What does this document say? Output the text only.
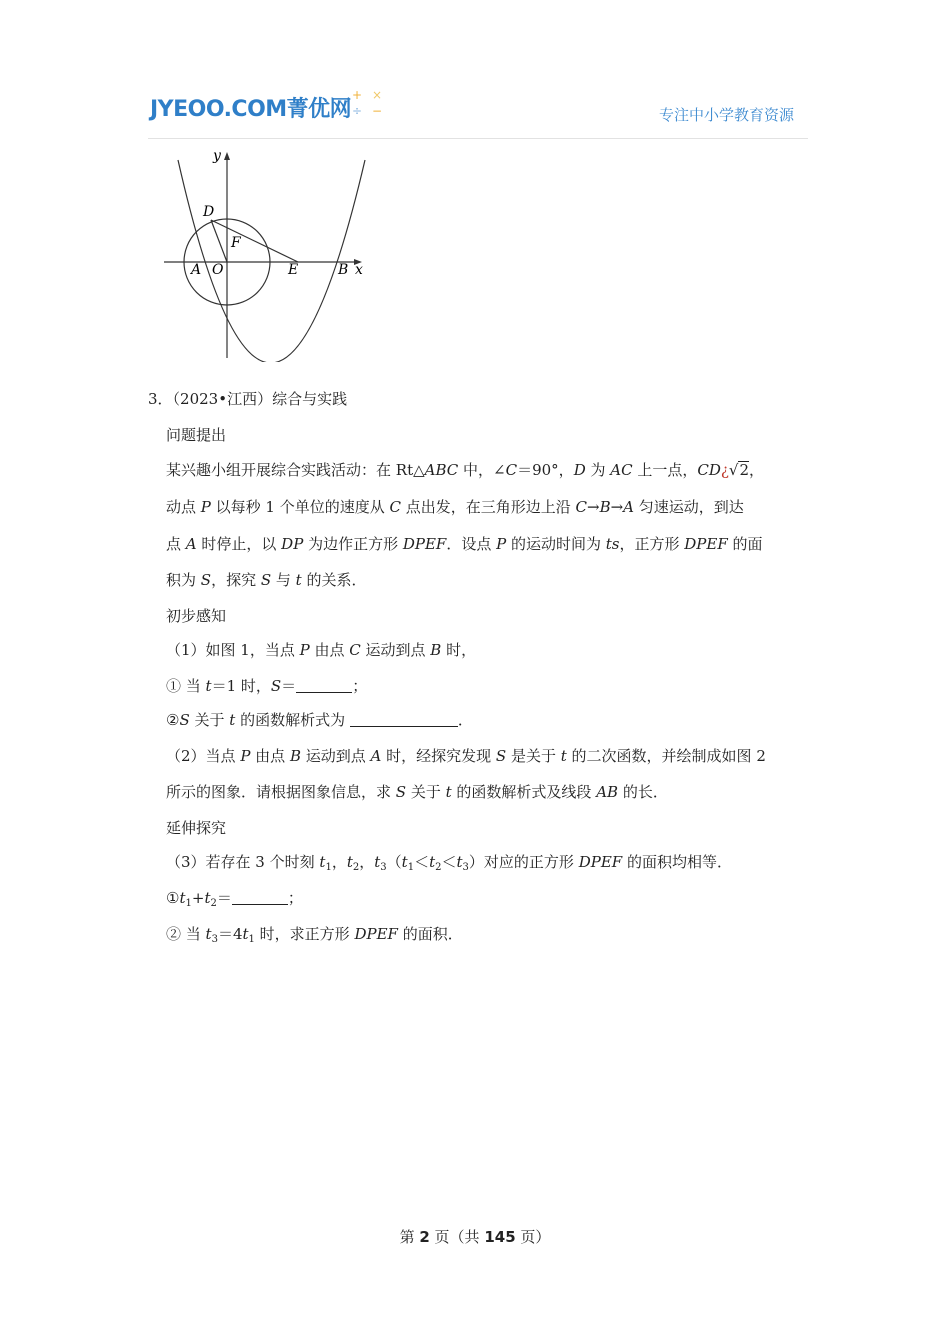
JYEOO.COM菁优网
+ ×
÷ −	专注中小学教育资源
y
x
D
F
A O	E	B
3．（2023•江西）综合与实践
问题提出
某兴趣小组开展综合实践活动：在 Rt△ABC 中，∠C＝90°，D 为 AC 上一点，CD¿√2，
动点 P 以每秒 1 个单位的速度从 C 点出发，在三角形边上沿 C→B→A 匀速运动，到达
点 A 时停止，以 DP 为边作正方形 DPEF．设点 P 的运动时间为 ts，正方形 DPEF 的面
积为 S，探究 S 与 t 的关系．
初步感知
（1）如图 1，当点 P 由点 C 运动到点 B 时，
① 当 t＝1 时，S＝	；
②S 关于 t 的函数解析式为	．
（2）当点 P 由点 B 运动到点 A 时，经探究发现 S 是关于 t 的二次函数，并绘制成如图 2
所示的图象．请根据图象信息，求 S 关于 t 的函数解析式及线段 AB 的长．
延伸探究
（3）若存在 3 个时刻 $t_1$，$t_2$，$t_3(t_1<t_2<t_3)$对应的正方形 DPEF 的面积均相等．
$①t_1+t_2=$	；
② 当 $t_3=4t_1$ 时，求正方形 DPEF 的面积．
第 2 页（共 145 页）
